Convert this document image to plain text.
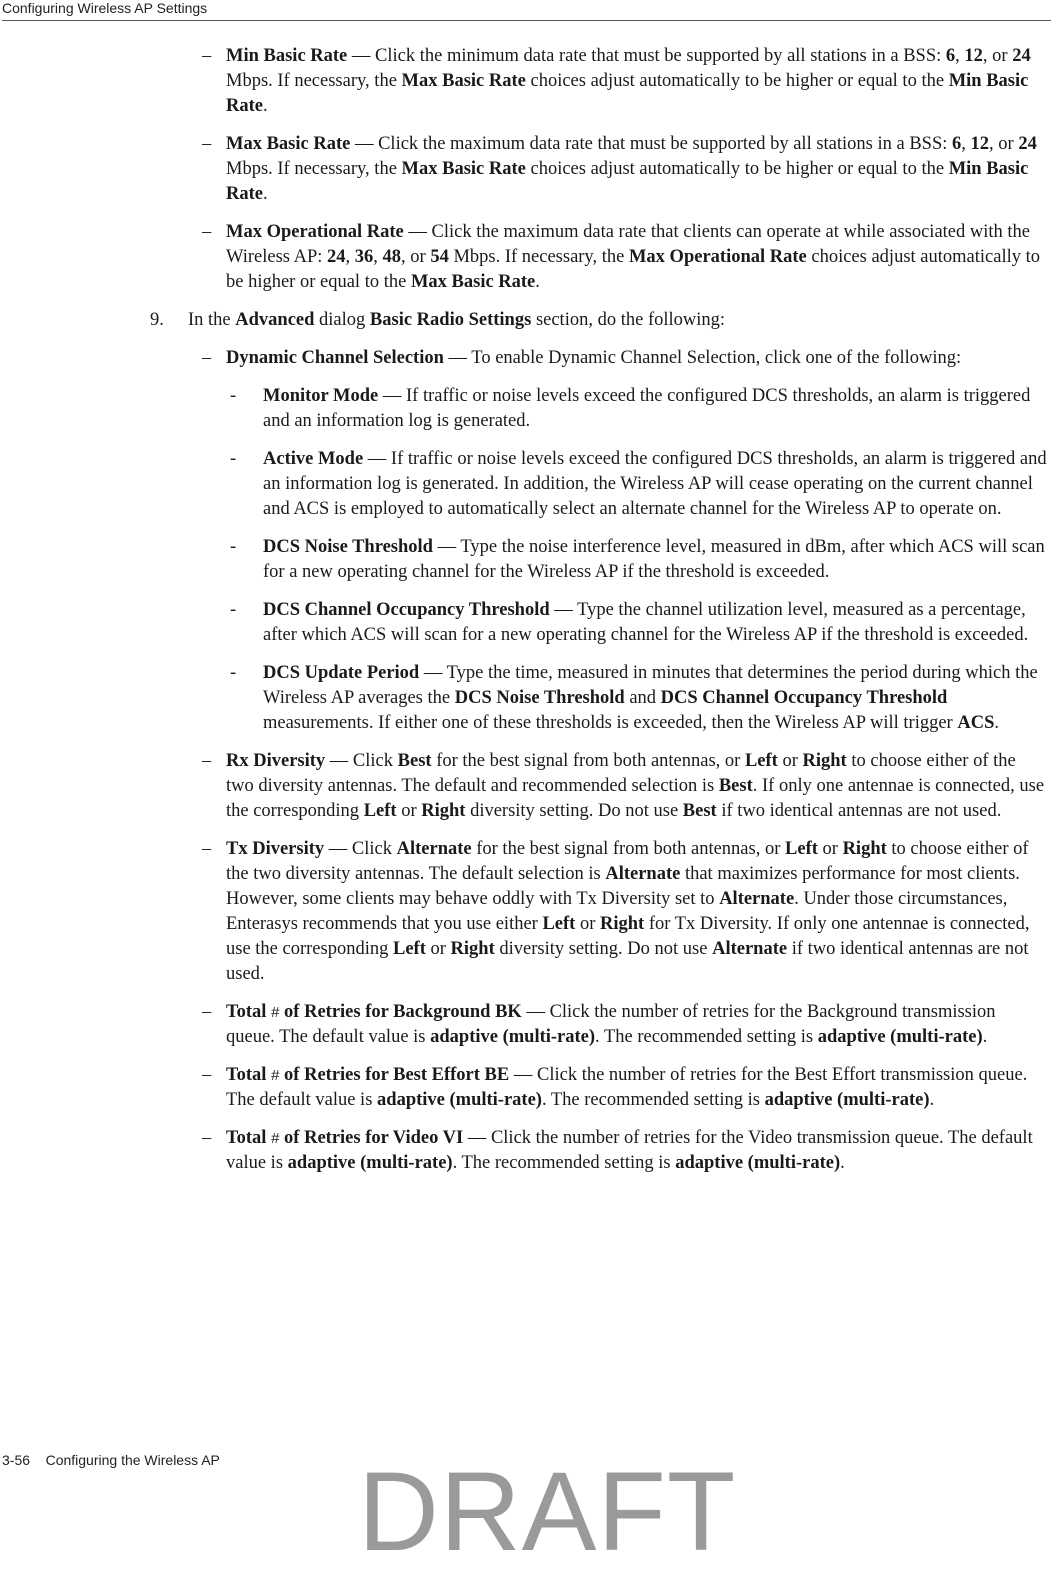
Configuring Wireless AP Settings
– Min Basic Rate — Click the minimum data rate that must be supported by all stations in a BSS: 6, 12, or 24 Mbps. If necessary, the Max Basic Rate choices adjust automatically to be higher or equal to the Min Basic Rate.
– Max Basic Rate — Click the maximum data rate that must be supported by all stations in a BSS: 6, 12, or 24 Mbps. If necessary, the Max Basic Rate choices adjust automatically to be higher or equal to the Min Basic Rate.
– Max Operational Rate — Click the maximum data rate that clients can operate at while associated with the Wireless AP: 24, 36, 48, or 54 Mbps. If necessary, the Max Operational Rate choices adjust automatically to be higher or equal to the Max Basic Rate.
9. In the Advanced dialog Basic Radio Settings section, do the following:
– Dynamic Channel Selection — To enable Dynamic Channel Selection, click one of the following:
- Monitor Mode — If traffic or noise levels exceed the configured DCS thresholds, an alarm is triggered and an information log is generated.
- Active Mode — If traffic or noise levels exceed the configured DCS thresholds, an alarm is triggered and an information log is generated. In addition, the Wireless AP will cease operating on the current channel and ACS is employed to automatically select an alternate channel for the Wireless AP to operate on.
- DCS Noise Threshold — Type the noise interference level, measured in dBm, after which ACS will scan for a new operating channel for the Wireless AP if the threshold is exceeded.
- DCS Channel Occupancy Threshold — Type the channel utilization level, measured as a percentage, after which ACS will scan for a new operating channel for the Wireless AP if the threshold is exceeded.
- DCS Update Period — Type the time, measured in minutes that determines the period during which the Wireless AP averages the DCS Noise Threshold and DCS Channel Occupancy Threshold measurements. If either one of these thresholds is exceeded, then the Wireless AP will trigger ACS.
– Rx Diversity — Click Best for the best signal from both antennas, or Left or Right to choose either of the two diversity antennas. The default and recommended selection is Best. If only one antennae is connected, use the corresponding Left or Right diversity setting. Do not use Best if two identical antennas are not used.
– Tx Diversity — Click Alternate for the best signal from both antennas, or Left or Right to choose either of the two diversity antennas. The default selection is Alternate that maximizes performance for most clients. However, some clients may behave oddly with Tx Diversity set to Alternate. Under those circumstances, Enterasys recommends that you use either Left or Right for Tx Diversity. If only one antennae is connected, use the corresponding Left or Right diversity setting. Do not use Alternate if two identical antennas are not used.
– Total # of Retries for Background BK — Click the number of retries for the Background transmission queue. The default value is adaptive (multi-rate). The recommended setting is adaptive (multi-rate).
– Total # of Retries for Best Effort BE — Click the number of retries for the Best Effort transmission queue. The default value is adaptive (multi-rate). The recommended setting is adaptive (multi-rate).
– Total # of Retries for Video VI — Click the number of retries for the Video transmission queue. The default value is adaptive (multi-rate). The recommended setting is adaptive (multi-rate).
3-56    Configuring the Wireless AP DRAFT
